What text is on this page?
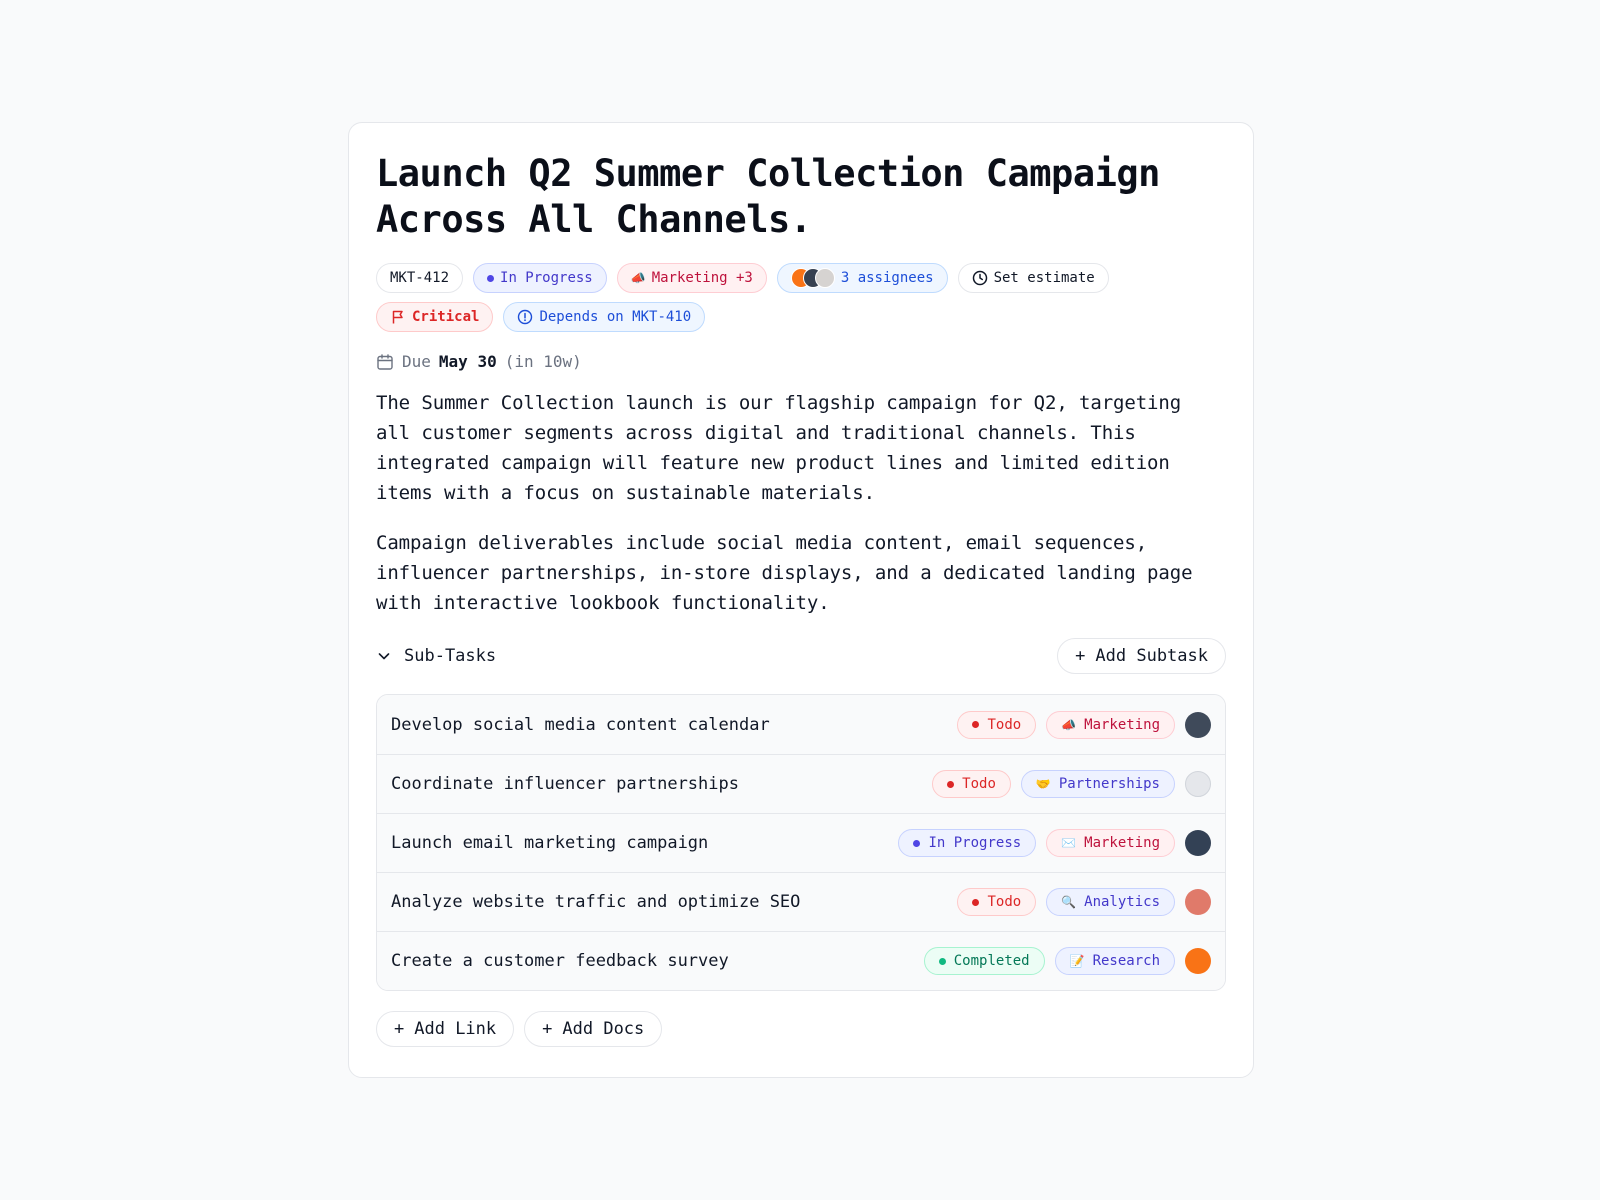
Launch Q2 Summer Collection Campaign Across All Channels.
MKT-412	In Progress	📣 Marketing +3	3 assignees	Set estimate
Critical	Depends on MKT-410
Due May 30 (in 10w)

The Summer Collection launch is our flagship campaign for Q2, targeting all customer segments across digital and traditional channels. This integrated campaign will feature new product lines and limited edition items with a focus on sustainable materials.

Campaign deliverables include social media content, email sequences, influencer partnerships, in-store displays, and a dedicated landing page with interactive lookbook functionality.

Sub-Tasks	+ Add Subtask
Develop social media content calendar	Todo	📣 Marketing
Coordinate influencer partnerships	Todo	🤝 Partnerships
Launch email marketing campaign	In Progress	✉️ Marketing
Analyze website traffic and optimize SEO	Todo	🔍 Analytics
Create a customer feedback survey	Completed	📝 Research
+ Add Link	+ Add Docs
